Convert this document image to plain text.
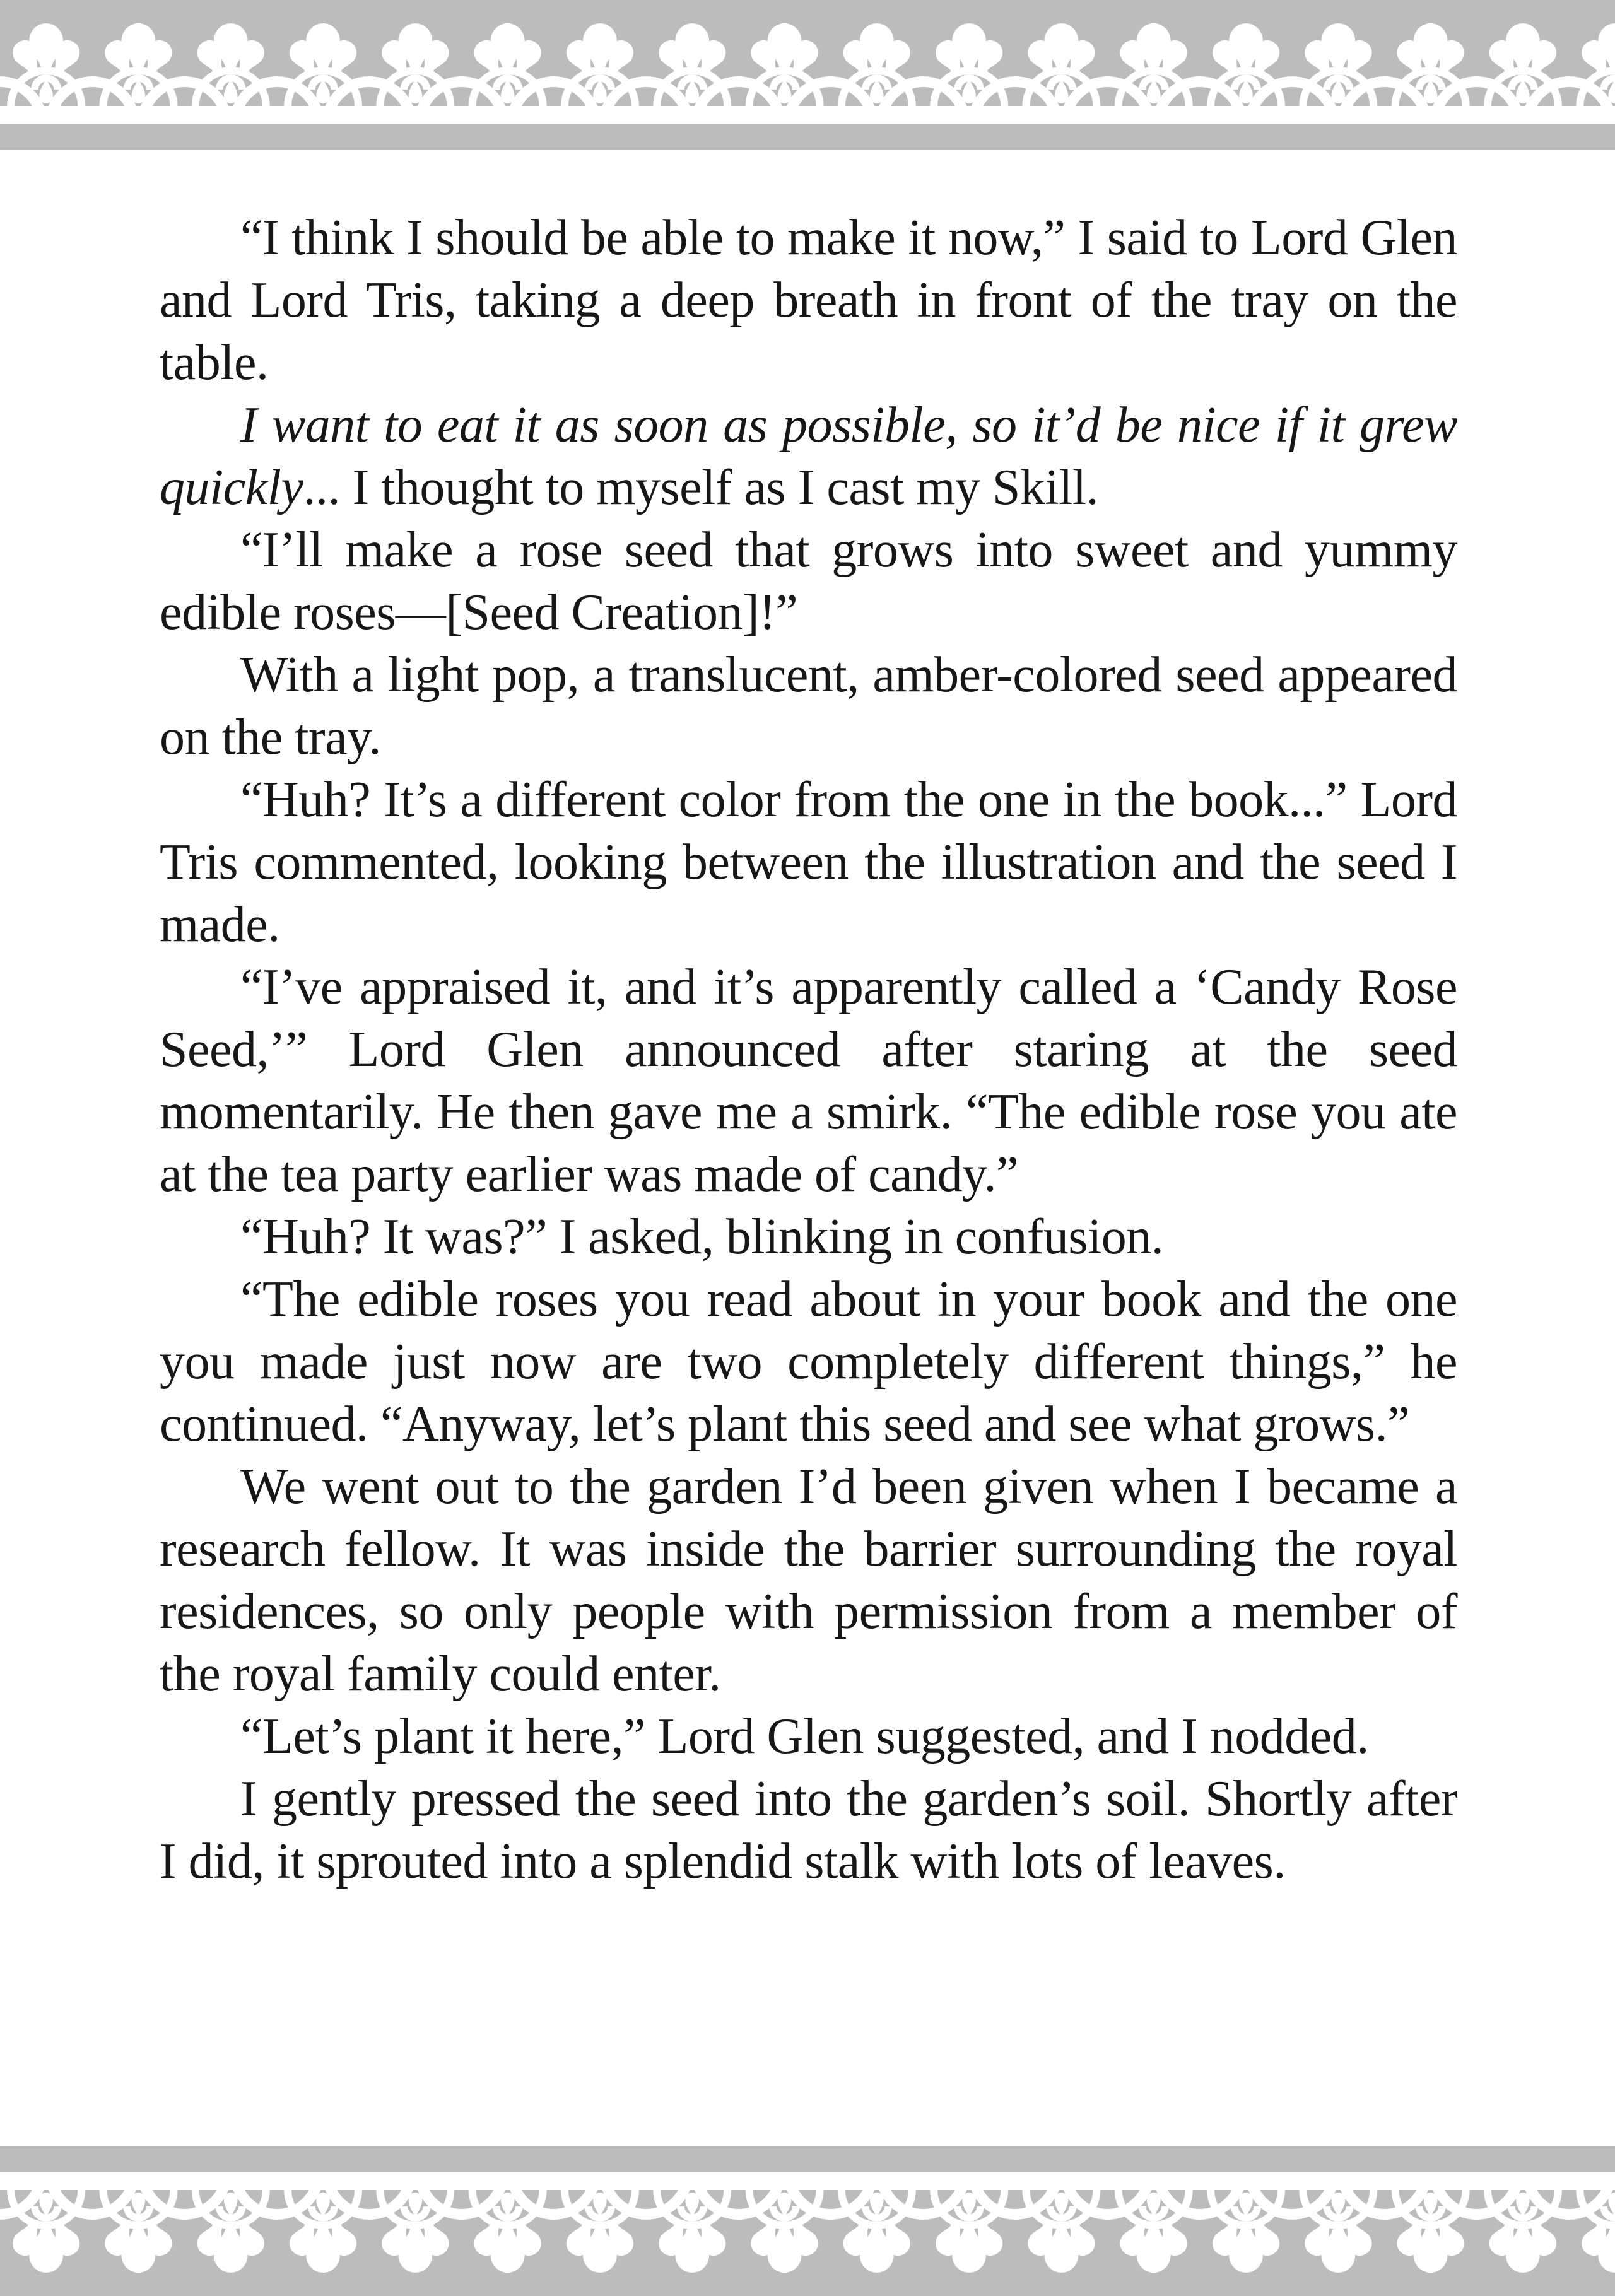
“I think I should be able to make it now,” I said to Lord Glen and Lord Tris, taking a deep breath in front of the tray on the table.

I want to eat it as soon as possible, so it’d be nice if it grew quickly... I thought to myself as I cast my Skill.

“I’ll make a rose seed that grows into sweet and yummy edible roses—[Seed Creation]!”

With a light pop, a translucent, amber-colored seed appeared on the tray.

“Huh? It’s a different color from the one in the book...” Lord Tris commented, looking between the illustration and the seed I made.

“I’ve appraised it, and it’s apparently called a ‘Candy Rose Seed,’” Lord Glen announced after staring at the seed momentarily. He then gave me a smirk. “The edible rose you ate at the tea party earlier was made of candy.”

“Huh? It was?” I asked, blinking in confusion.

“The edible roses you read about in your book and the one you made just now are two completely different things,” he continued. “Anyway, let’s plant this seed and see what grows.”

We went out to the garden I’d been given when I became a research fellow. It was inside the barrier surrounding the royal residences, so only people with permission from a member of the royal family could enter.

“Let’s plant it here,” Lord Glen suggested, and I nodded.

I gently pressed the seed into the garden’s soil. Shortly after I did, it sprouted into a splendid stalk with lots of leaves.
